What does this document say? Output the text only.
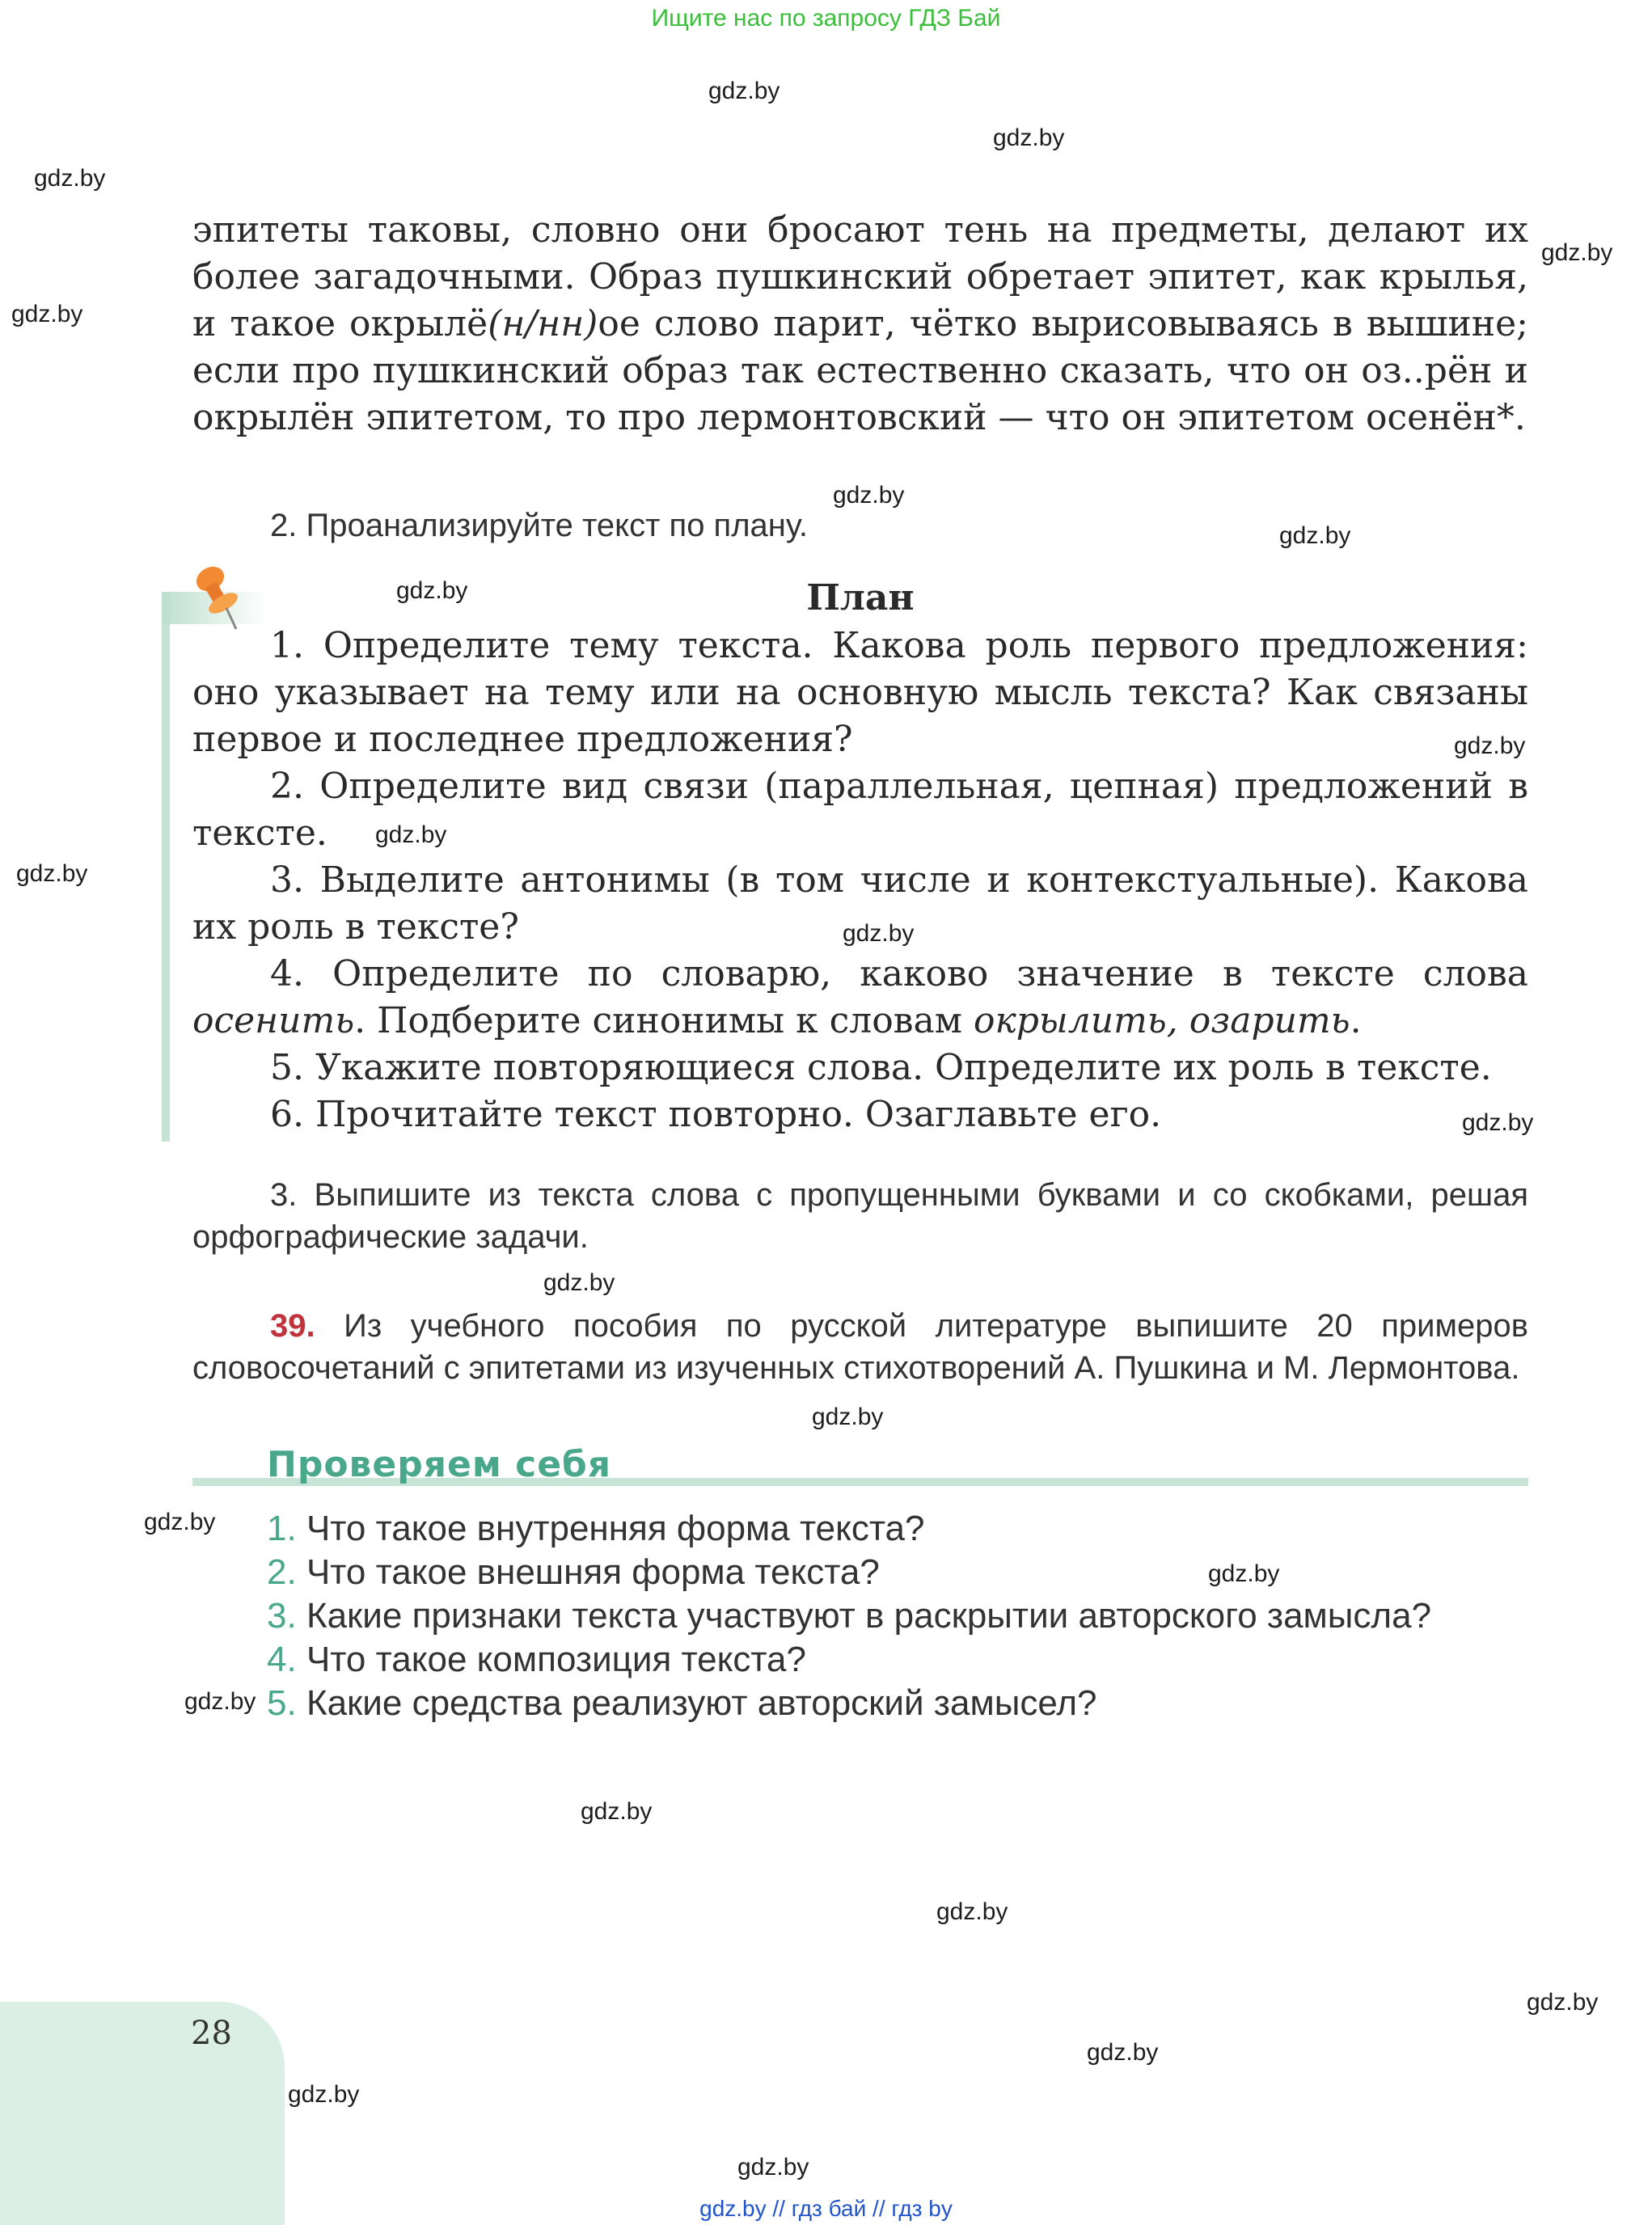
Ищите нас по запросу ГДЗ Бай
gdz.by
gdz.by
gdz.by
gdz.by
gdz.by
gdz.by
gdz.by
gdz.by
gdz.by
gdz.by
gdz.by
gdz.by
gdz.by
gdz.by
gdz.by
gdz.by
gdz.by
gdz.by
gdz.by
gdz.by
gdz.by
gdz.by
gdz.by
gdz.by
эпитеты таковы, словно они бросают тень на предметы, делают их более загадочными. Образ пушкинский обретает эпитет, как крылья, и такое окрылё(н/нн)ое слово парит, чётко вырисовываясь в вышине; если про пушкинский образ так естественно сказать, что он оз..рён и окрылён эпитетом, то про лермонтовский — что он эпитетом осенён*.
2. Проанализируйте текст по плану.
План
1. Определите тему текста. Какова роль первого предложения: оно указывает на тему или на основную мысль текста? Как связаны первое и последнее предложения?
2. Определите вид связи (параллельная, цепная) предложений в тексте.
3. Выделите антонимы (в том числе и контекстуальные). Какова их роль в тексте?
4. Определите по словарю, каково значение в тексте слова осенить. Подберите синонимы к словам окрылить, озарить.
5. Укажите повторяющиеся слова. Определите их роль в тексте.
6. Прочитайте текст повторно. Озаглавьте его.
3. Выпишите из текста слова с пропущенными буквами и со скобками, решая орфографические задачи.
39. Из учебного пособия по русской литературе выпишите 20 примеров словосочетаний с эпитетами из изученных стихотворений А. Пушкина и М. Лермонтова.
Проверяем себя
1. Что такое внутренняя форма текста?
2. Что такое внешняя форма текста?
3. Какие признаки текста участвуют в раскрытии авторского замысла?
4. Что такое композиция текста?
5. Какие средства реализуют авторский замысел?
28
gdz.by // гдз бай // гдз by
